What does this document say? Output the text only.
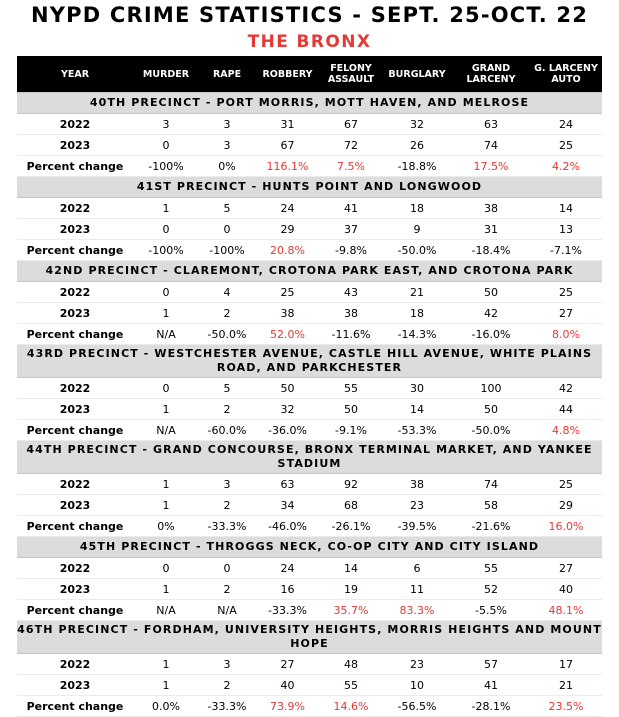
NYPD CRIME STATISTICS - SEPT. 25-OCT. 22
THE BRONX
YEAR	MURDER	RAPE	ROBBERY	FELONY ASSAULT	BURGLARY	GRAND LARCENY	G. LARCENY AUTO
40TH PRECINCT - PORT MORRIS, MOTT HAVEN, AND MELROSE							
2022	3	3	31	67	32	63	24
2023	0	3	67	72	26	74	25
Percent change	-100%	0%	116.1%	7.5%	-18.8%	17.5%	4.2%
41ST PRECINCT - HUNTS POINT AND LONGWOOD							
2022	1	5	24	41	18	38	14
2023	0	0	29	37	9	31	13
Percent change	-100%	-100%	20.8%	-9.8%	-50.0%	-18.4%	-7.1%
42ND PRECINCT - CLAREMONT, CROTONA PARK EAST, AND CROTONA PARK							
2022	0	4	25	43	21	50	25
2023	1	2	38	38	18	42	27
Percent change	N/A	-50.0%	52.0%	-11.6%	-14.3%	-16.0%	8.0%
43RD PRECINCT - WESTCHESTER AVENUE, CASTLE HILL AVENUE, WHITE PLAINS ROAD, AND PARKCHESTER							
2022	0	5	50	55	30	100	42
2023	1	2	32	50	14	50	44
Percent change	N/A	-60.0%	-36.0%	-9.1%	-53.3%	-50.0%	4.8%
44TH PRECINCT - GRAND CONCOURSE, BRONX TERMINAL MARKET, AND YANKEE STADIUM							
2022	1	3	63	92	38	74	25
2023	1	2	34	68	23	58	29
Percent change	0%	-33.3%	-46.0%	-26.1%	-39.5%	-21.6%	16.0%
45TH PRECINCT - THROGGS NECK, CO-OP CITY AND CITY ISLAND							
2022	0	0	24	14	6	55	27
2023	1	2	16	19	11	52	40
Percent change	N/A	N/A	-33.3%	35.7%	83.3%	-5.5%	48.1%
46TH PRECINCT - FORDHAM, UNIVERSITY HEIGHTS, MORRIS HEIGHTS AND MOUNT HOPE							
2022	1	3	27	48	23	57	17
2023	1	2	40	55	10	41	21
Percent change	0.0%	-33.3%	73.9%	14.6%	-56.5%	-28.1%	23.5%
